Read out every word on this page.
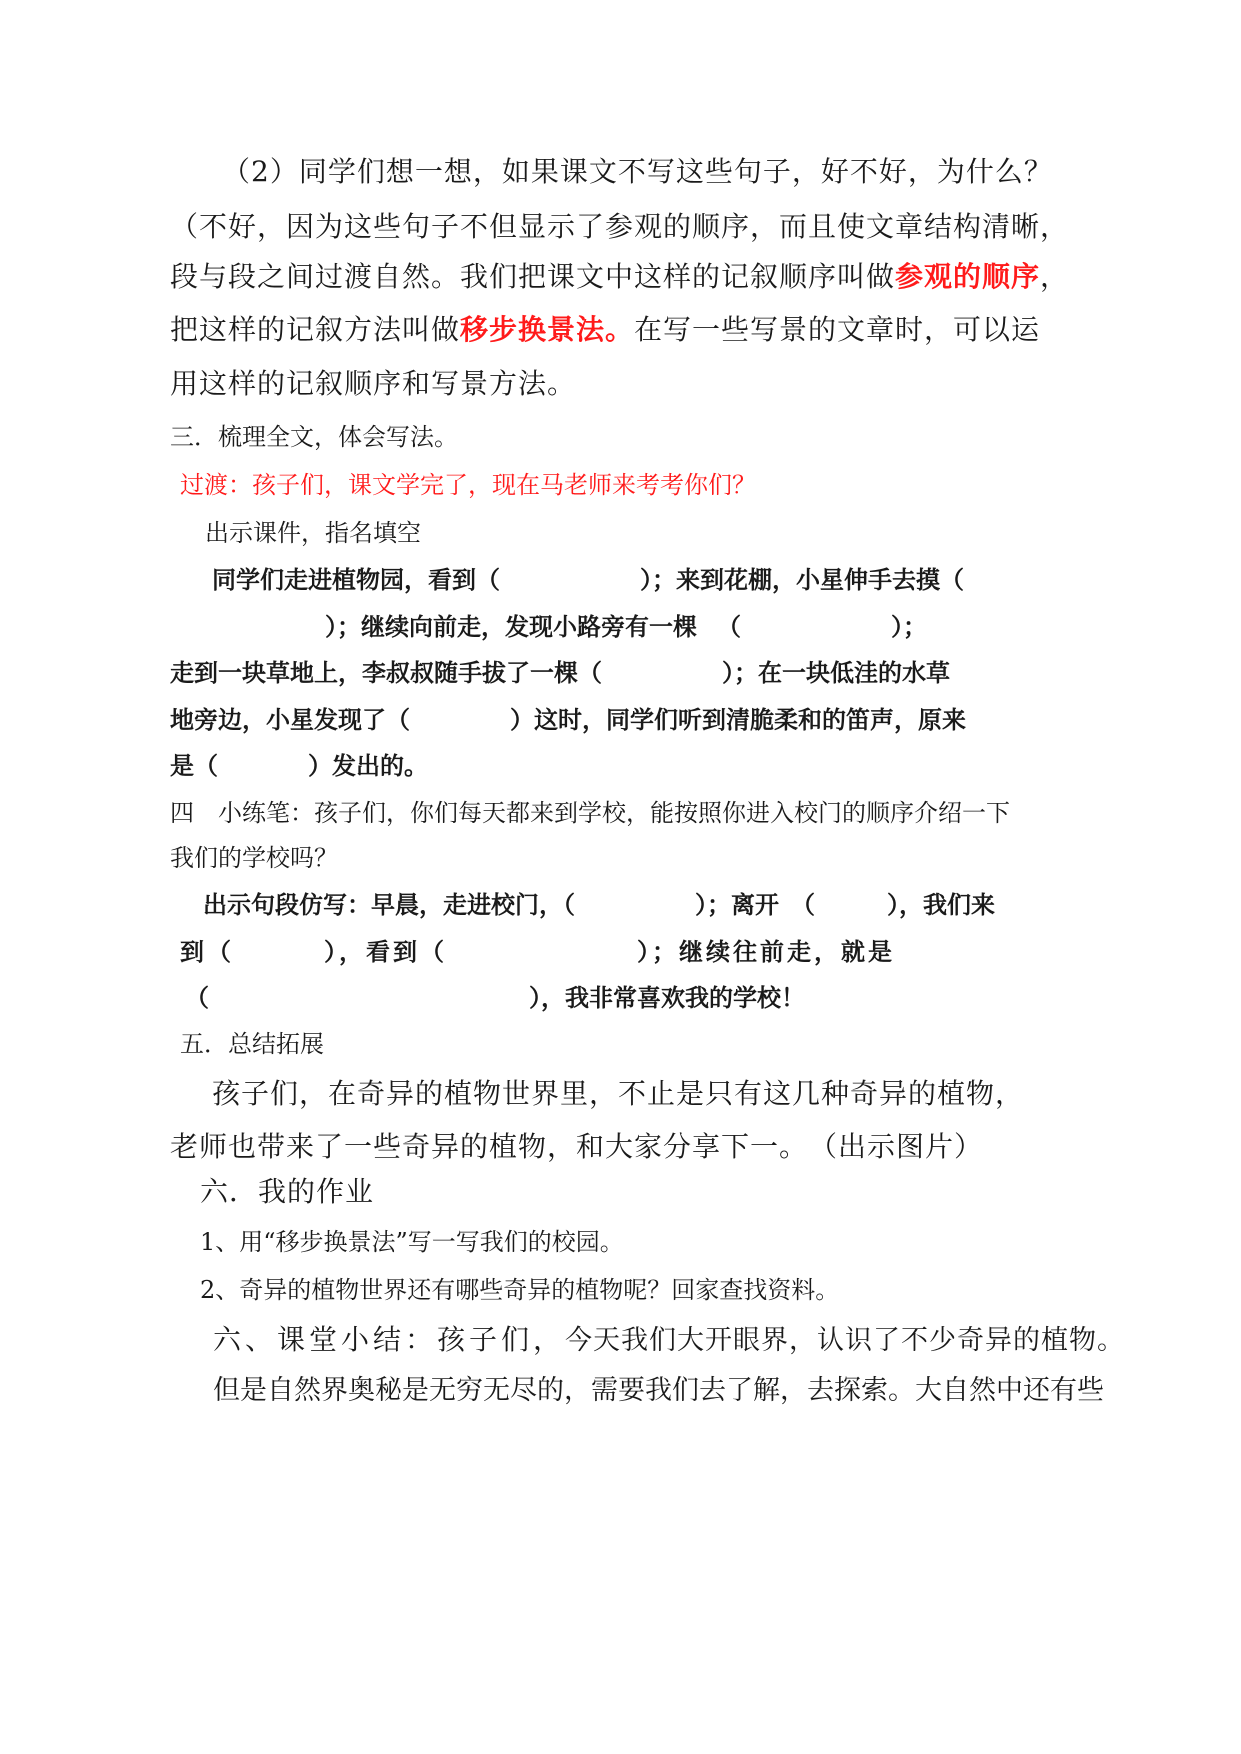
（2）同学们想一想，如果课文不写这些句子，好不好，为什么？

（不好，因为这些句子不但显示了参观的顺序，而且使文章结构清晰，

段与段之间过渡自然。我们把课文中这样的记叙顺序叫做参观的顺序，

把这样的记叙方法叫做移步换景法。在写一些写景的文章时，可以运

用这样的记叙顺序和写景方法。

三．梳理全文，体会写法。

过渡：孩子们，课文学完了，现在马老师来考考你们？

出示课件，指名填空

同学们走进植物园，看到（	）；来到花棚，小星伸手去摸（

）；继续向前走，发现小路旁有一棵 （	）；

走到一块草地上，李叔叔随手拔了一棵（	）；在一块低洼的水草

地旁边，小星发现了（	）这时，同学们听到清脆柔和的笛声，原来

是（	）发出的。

四　小练笔：孩子们，你们每天都来到学校，能按照你进入校门的顺序介绍一下

我们的学校吗？

出示句段仿写：早晨，走进校门，（	）；离开　（	），我们来

到（	），看到（	）；继续往前走，就是

（	），我非常喜欢我的学校！

五．总结拓展

孩子们，在奇异的植物世界里，不止是只有这几种奇异的植物，

老师也带来了一些奇异的植物，和大家分享下一。　（出示图片）

六．我的作业

1、用“移步换景法”写一写我们的校园。

2、奇异的植物世界还有哪些奇异的植物呢？回家查找资料。

六、课堂小结：孩子们，今天我们大开眼界，认识了不少奇异的植物。

但是自然界奥秘是无穷无尽的，需要我们去了解，去探索。大自然中还有些
